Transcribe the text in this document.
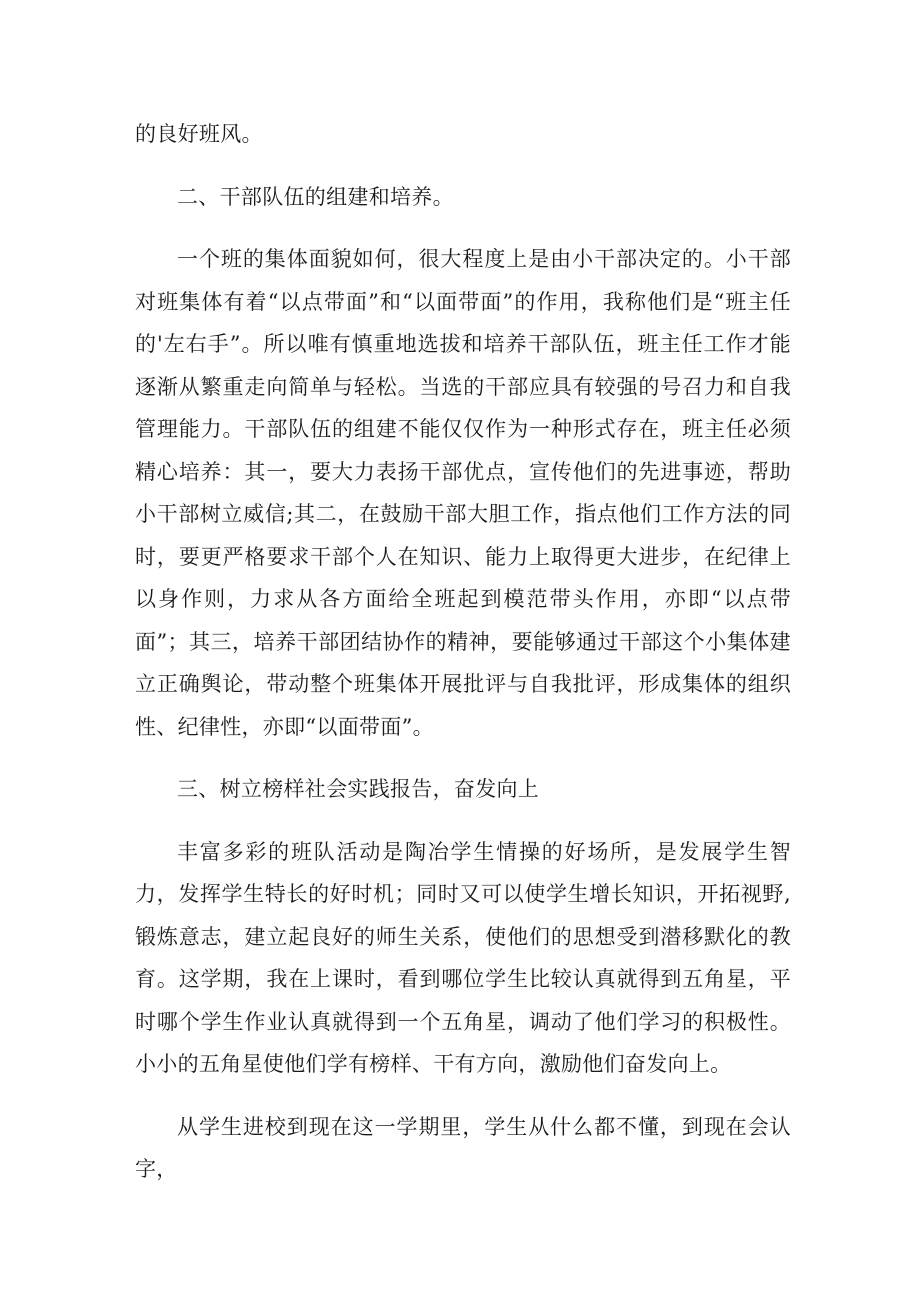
的良好班风。

二、干部队伍的组建和培养。

一个班的集体面貌如何，很大程度上是由小干部决定的。小干部对班集体有着“以点带面”和“以面带面”的作用，我称他们是“班主任的'左右手”。所以唯有慎重地选拔和培养干部队伍，班主任工作才能逐渐从繁重走向简单与轻松。当选的干部应具有较强的号召力和自我管理能力。干部队伍的组建不能仅仅作为一种形式存在，班主任必须精心培养：其一，要大力表扬干部优点，宣传他们的先进事迹，帮助小干部树立威信;其二，在鼓励干部大胆工作，指点他们工作方法的同时，要更严格要求干部个人在知识、能力上取得更大进步，在纪律上以身作则，力求从各方面给全班起到模范带头作用，亦即“以点带面”；其三，培养干部团结协作的精神，要能够通过干部这个小集体建立正确舆论，带动整个班集体开展批评与自我批评，形成集体的组织性、纪律性，亦即“以面带面”。

三、树立榜样社会实践报告，奋发向上

丰富多彩的班队活动是陶冶学生情操的好场所，是发展学生智力，发挥学生特长的好时机；同时又可以使学生增长知识，开拓视野,锻炼意志，建立起良好的师生关系，使他们的思想受到潜移默化的教育。这学期，我在上课时，看到哪位学生比较认真就得到五角星，平时哪个学生作业认真就得到一个五角星，调动了他们学习的积极性。小小的五角星使他们学有榜样、干有方向，激励他们奋发向上。

从学生进校到现在这一学期里，学生从什么都不懂，到现在会认字，
